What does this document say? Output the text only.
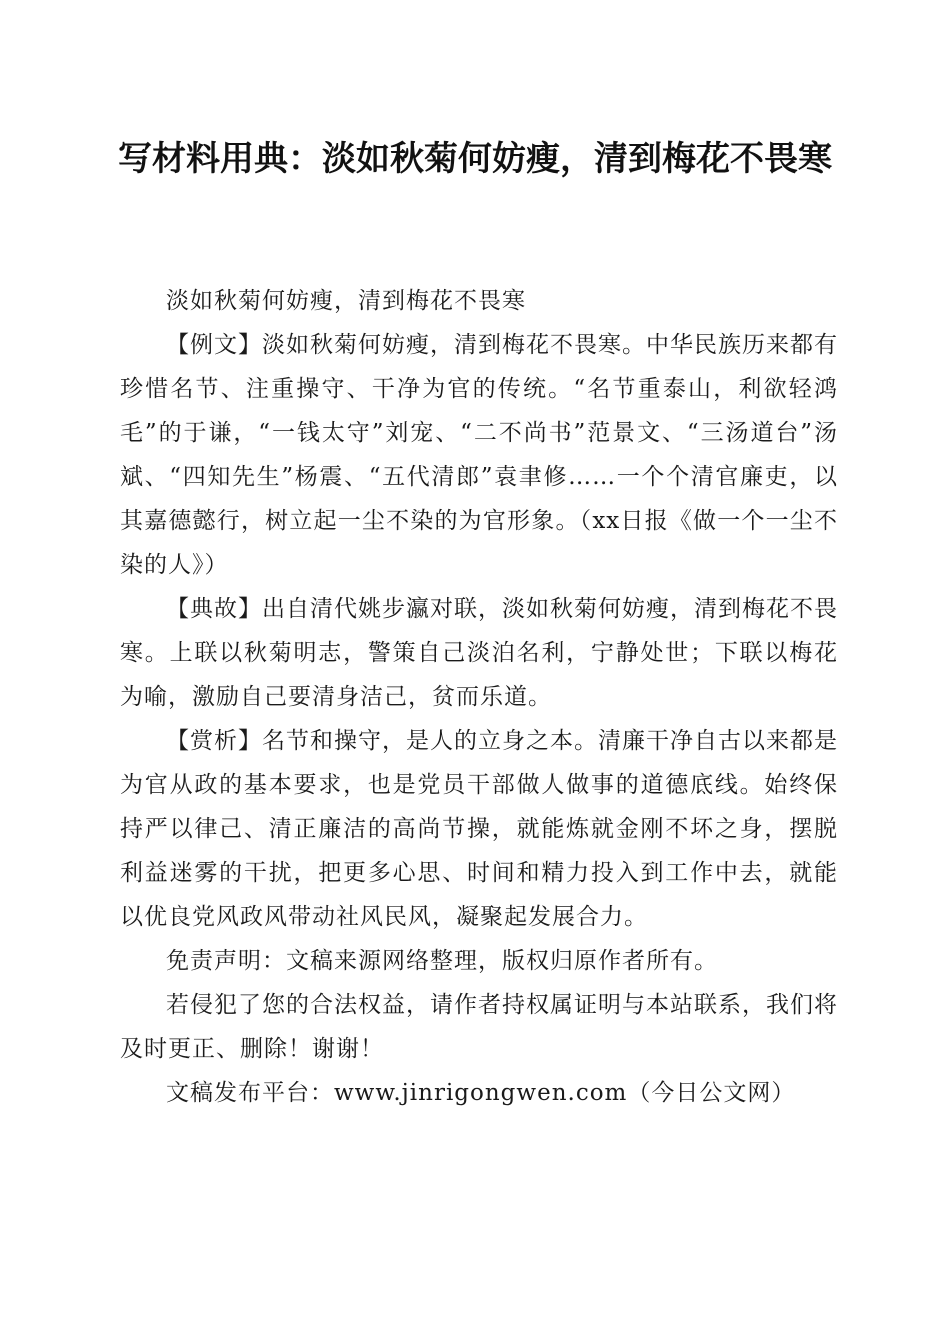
写材料用典：淡如秋菊何妨瘦，清到梅花不畏寒

淡如秋菊何妨瘦，清到梅花不畏寒

【例文】淡如秋菊何妨瘦，清到梅花不畏寒。中华民族历来都有珍惜名节、注重操守、干净为官的传统。“名节重泰山，利欲轻鸿毛”的于谦，“一钱太守”刘宠、“二不尚书”范景文、“三汤道台”汤斌、“四知先生”杨震、“五代清郎”袁聿修……一个个清官廉吏，以其嘉德懿行，树立起一尘不染的为官形象。（xx日报《做一个一尘不染的人》）

【典故】出自清代姚步瀛对联，淡如秋菊何妨瘦，清到梅花不畏寒。上联以秋菊明志，警策自己淡泊名利，宁静处世；下联以梅花为喻，激励自己要清身洁己，贫而乐道。

【赏析】名节和操守，是人的立身之本。清廉干净自古以来都是为官从政的基本要求，也是党员干部做人做事的道德底线。始终保持严以律己、清正廉洁的高尚节操，就能炼就金刚不坏之身，摆脱利益迷雾的干扰，把更多心思、时间和精力投入到工作中去，就能以优良党风政风带动社风民风，凝聚起发展合力。

免责声明：文稿来源网络整理，版权归原作者所有。

若侵犯了您的合法权益，请作者持权属证明与本站联系，我们将及时更正、删除！谢谢！

文稿发布平台：www.jinrigongwen.com（今日公文网）
